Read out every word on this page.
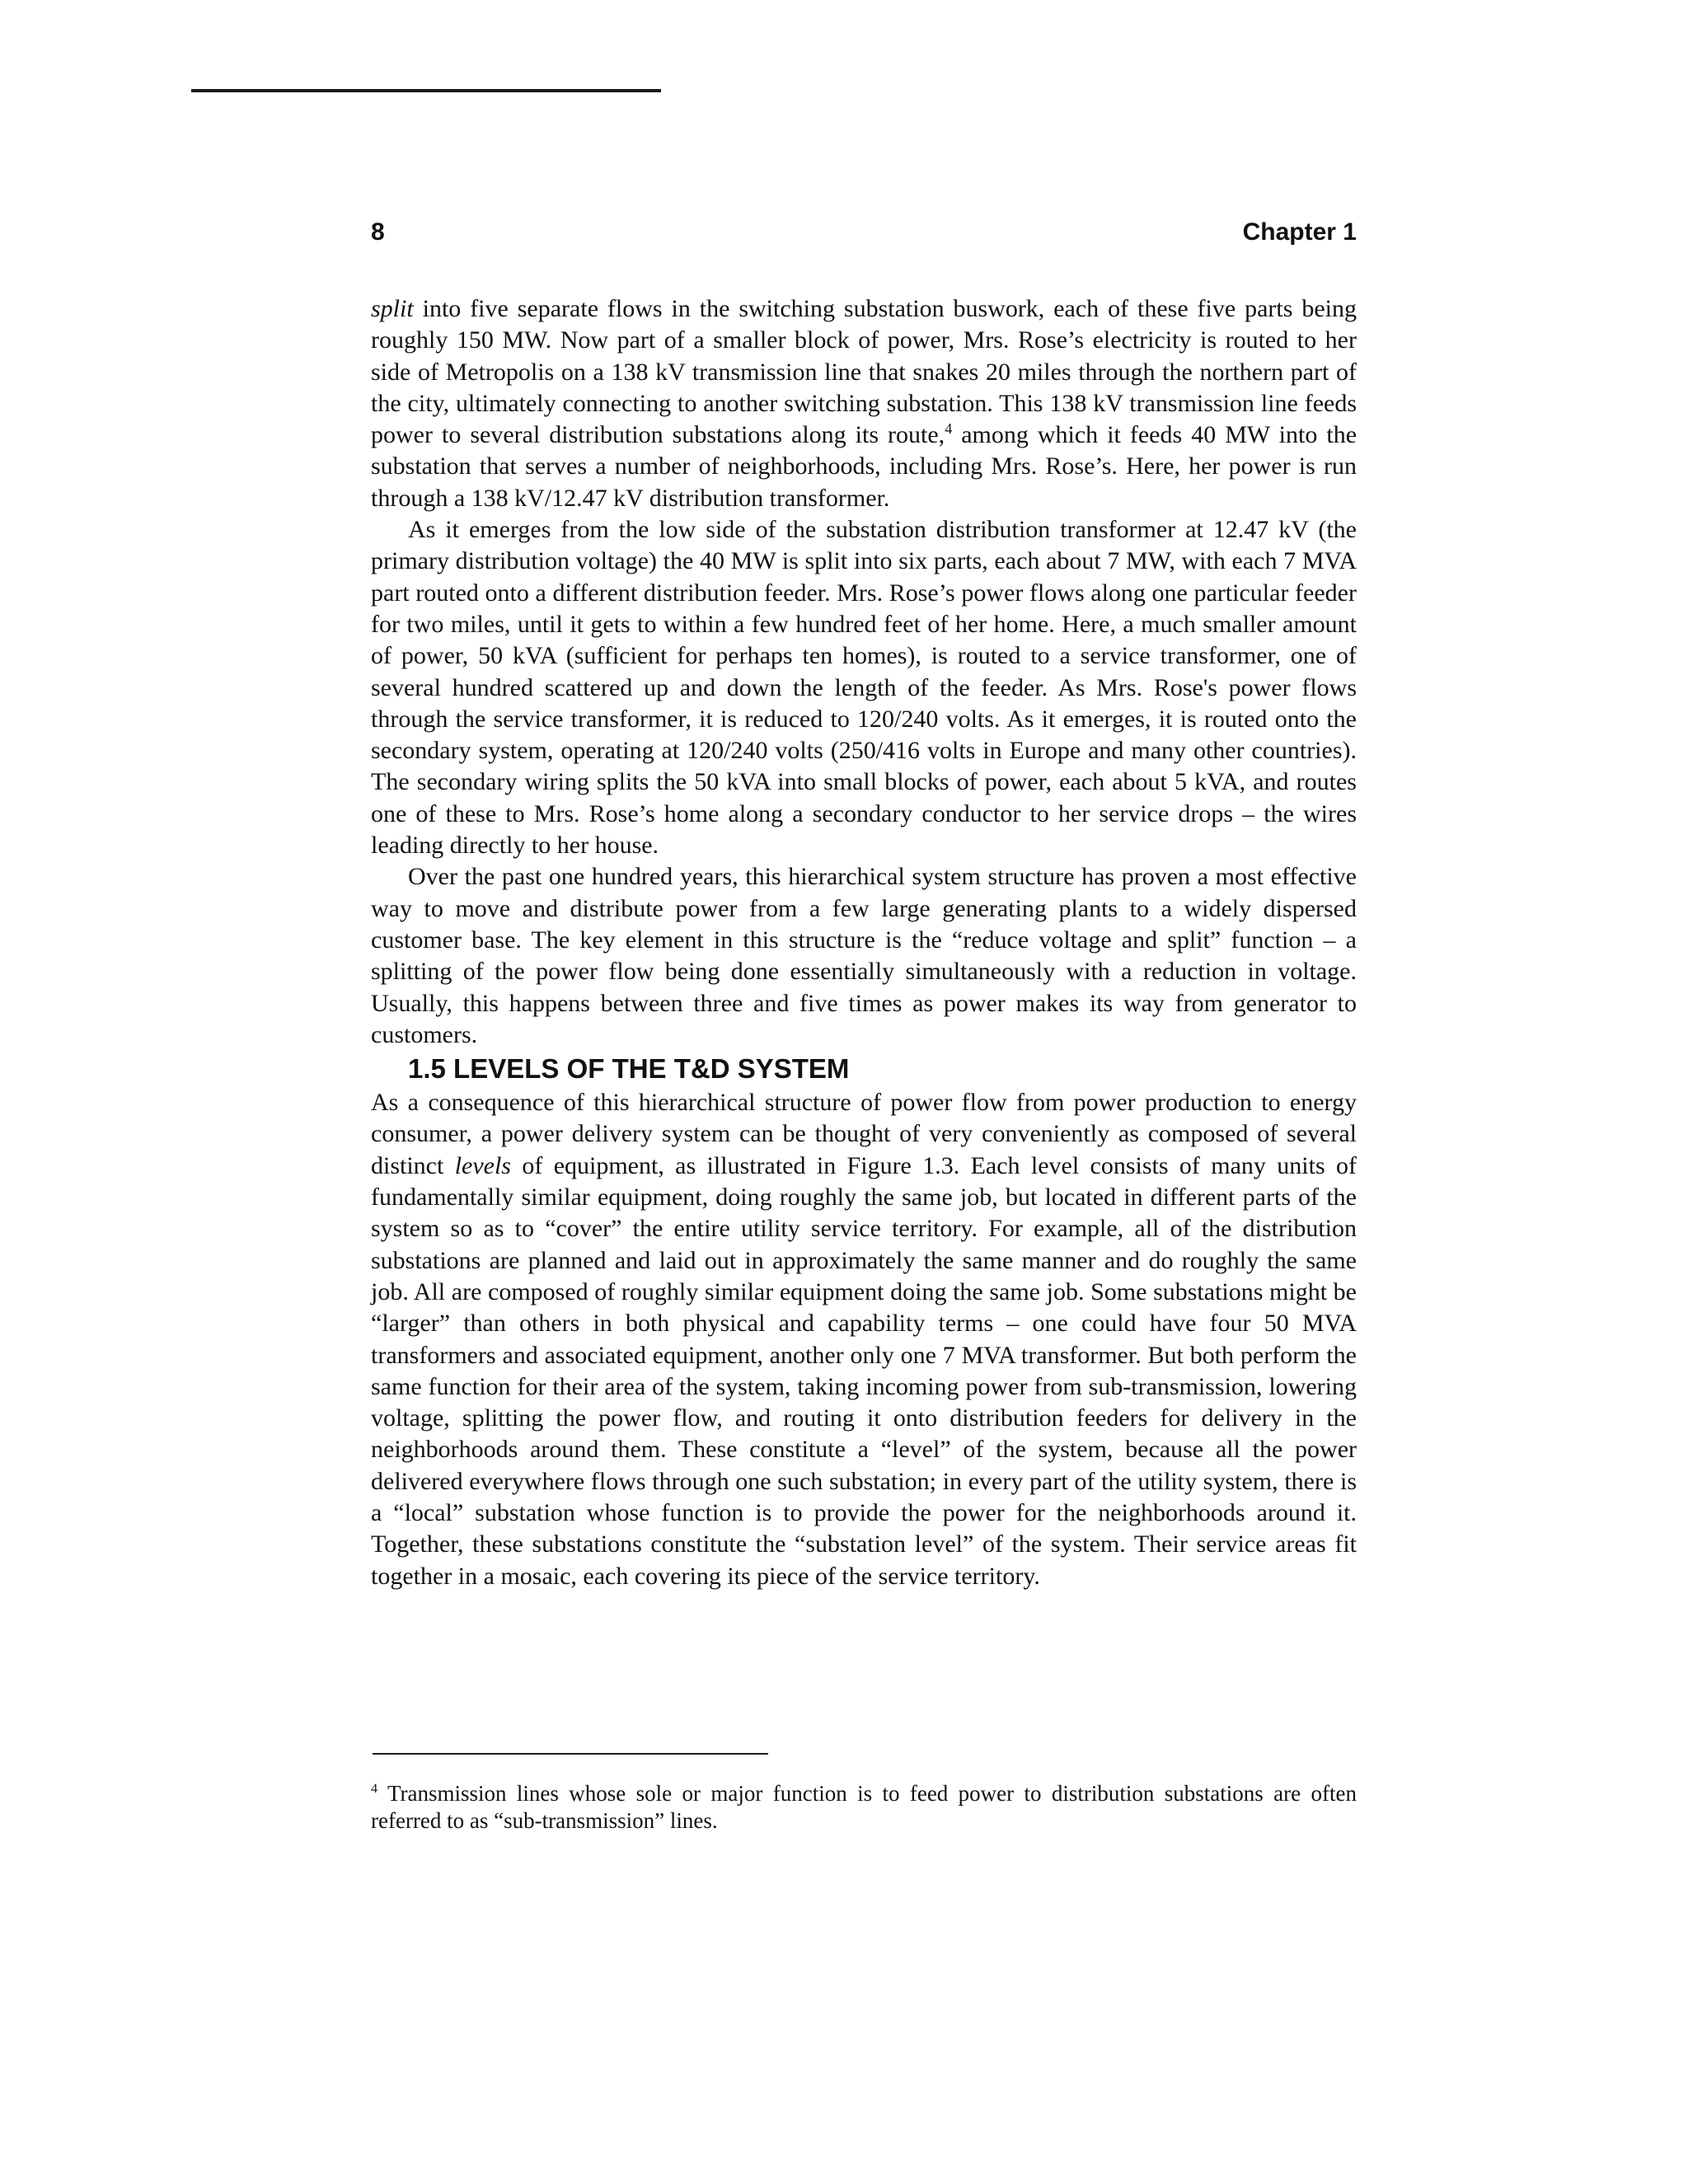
8	Chapter 1

split into five separate flows in the switching substation buswork, each of these five parts being roughly 150 MW. Now part of a smaller block of power, Mrs. Rose’s electricity is routed to her side of Metropolis on a 138 kV transmission line that snakes 20 miles through the northern part of the city, ultimately connecting to another switching substation. This 138 kV transmission line feeds power to several distribution substations along its route,$^4$ among which it feeds 40 MW into the substation that serves a number of neighborhoods, including Mrs. Rose’s. Here, her power is run through a 138 kV/12.47 kV distribution transformer.

As it emerges from the low side of the substation distribution transformer at 12.47 kV (the primary distribution voltage) the 40 MW is split into six parts, each about 7 MW, with each 7 MVA part routed onto a different distribution feeder. Mrs. Rose’s power flows along one particular feeder for two miles, until it gets to within a few hundred feet of her home. Here, a much smaller amount of power, 50 kVA (sufficient for perhaps ten homes), is routed to a service transformer, one of several hundred scattered up and down the length of the feeder. As Mrs. Rose's power flows through the service transformer, it is reduced to 120/240 volts. As it emerges, it is routed onto the secondary system, operating at 120/240 volts (250/416 volts in Europe and many other countries). The secondary wiring splits the 50 kVA into small blocks of power, each about 5 kVA, and routes one of these to Mrs. Rose’s home along a secondary conductor to her service drops – the wires leading directly to her house.

Over the past one hundred years, this hierarchical system structure has proven a most effective way to move and distribute power from a few large generating plants to a widely dispersed customer base. The key element in this structure is the “reduce voltage and split” function – a splitting of the power flow being done essentially simultaneously with a reduction in voltage. Usually, this happens between three and five times as power makes its way from generator to customers.

1.5 LEVELS OF THE T&D SYSTEM

As a consequence of this hierarchical structure of power flow from power production to energy consumer, a power delivery system can be thought of very conveniently as composed of several distinct levels of equipment, as illustrated in Figure 1.3. Each level consists of many units of fundamentally similar equipment, doing roughly the same job, but located in different parts of the system so as to “cover” the entire utility service territory. For example, all of the distribution substations are planned and laid out in approximately the same manner and do roughly the same job. All are composed of roughly similar equipment doing the same job. Some substations might be “larger” than others in both physical and capability terms – one could have four 50 MVA transformers and associated equipment, another only one 7 MVA transformer. But both perform the same function for their area of the system, taking incoming power from sub-transmission, lowering voltage, splitting the power flow, and routing it onto distribution feeders for delivery in the neighborhoods around them. These constitute a “level” of the system, because all the power delivered everywhere flows through one such substation; in every part of the utility system, there is a “local” substation whose function is to provide the power for the neighborhoods around it. Together, these substations constitute the “substation level” of the system. Their service areas fit together in a mosaic, each covering its piece of the service territory.

$^4$ Transmission lines whose sole or major function is to feed power to distribution substations are often referred to as “sub-transmission” lines.
